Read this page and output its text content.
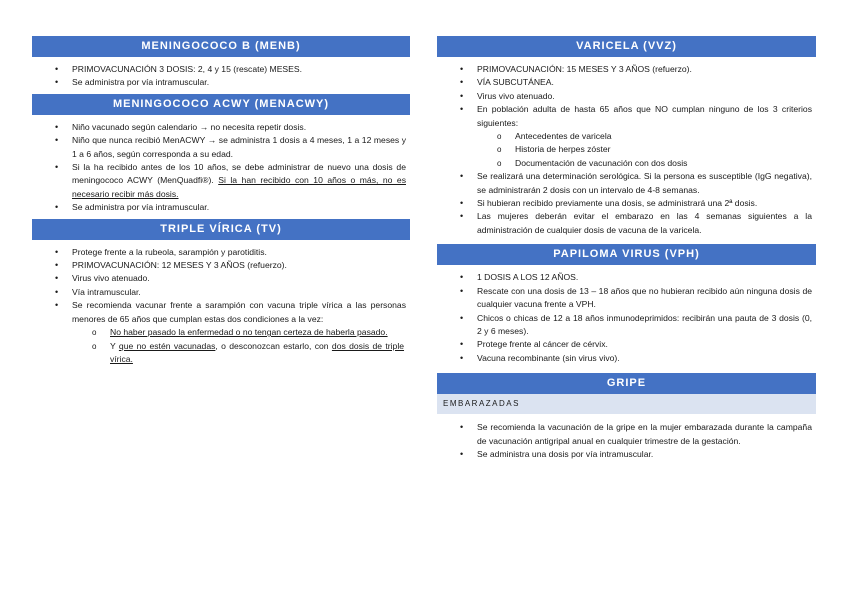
MENINGOCOCO B (MENB)
• PRIMOVACUNACIÓN 3 DOSIS: 2, 4 y 15 (rescate) MESES.
• Se administra por vía intramuscular.
MENINGOCOCO ACWY (MENACWY)
• Niño vacunado según calendario → no necesita repetir dosis.
• Niño que nunca recibió MenACWY → se administra 1 dosis a 4 meses, 1 a 12 meses y 1 a 6 años, según corresponda a su edad.
• Si la ha recibido antes de los 10 años, se debe administrar de nuevo una dosis de meningococo ACWY (MenQuadfi®). Si la han recibido con 10 años o más, no es necesario recibir más dosis.
• Se administra por vía intramuscular.
TRIPLE VÍRICA (TV)
• Protege frente a la rubeola, sarampión y parotiditis.
• PRIMOVACUNACIÓN: 12 MESES Y 3 AÑOS (refuerzo).
• Virus vivo atenuado.
• Vía intramuscular.
• Se recomienda vacunar frente a sarampión con vacuna triple vírica a las personas menores de 65 años que cumplan estas dos condiciones a la vez:
o No haber pasado la enfermedad o no tengan certeza de haberla pasado.
o Y que no estén vacunadas, o desconozcan estarlo, con dos dosis de triple vírica.
VARICELA (VVZ)
• PRIMOVACUNACIÓN: 15 MESES Y 3 AÑOS (refuerzo).
• VÍA SUBCUTÁNEA.
• Virus vivo atenuado.
• En población adulta de hasta 65 años que NO cumplan ninguno de los 3 criterios siguientes:
o Antecedentes de varicela
o Historia de herpes zóster
o Documentación de vacunación con dos dosis
• Se realizará una determinación serológica. Si la persona es susceptible (IgG negativa), se administrarán 2 dosis con un intervalo de 4-8 semanas.
• Si hubieran recibido previamente una dosis, se administrará una 2ª dosis.
• Las mujeres deberán evitar el embarazo en las 4 semanas siguientes a la administración de cualquier dosis de vacuna de la varicela.
PAPILOMA VIRUS (VPH)
• 1 DOSIS A LOS 12 AÑOS.
• Rescate con una dosis de 13 – 18 años que no hubieran recibido aún ninguna dosis de cualquier vacuna frente a VPH.
• Chicos o chicas de 12 a 18 años inmunodeprimidos: recibirán una pauta de 3 dosis (0, 2 y 6 meses).
• Protege frente al cáncer de cérvix.
• Vacuna recombinante (sin virus vivo).
GRIPE
EMBARAZADAS
• Se recomienda la vacunación de la gripe en la mujer embarazada durante la campaña de vacunación antigripal anual en cualquier trimestre de la gestación.
• Se administra una dosis por vía intramuscular.
